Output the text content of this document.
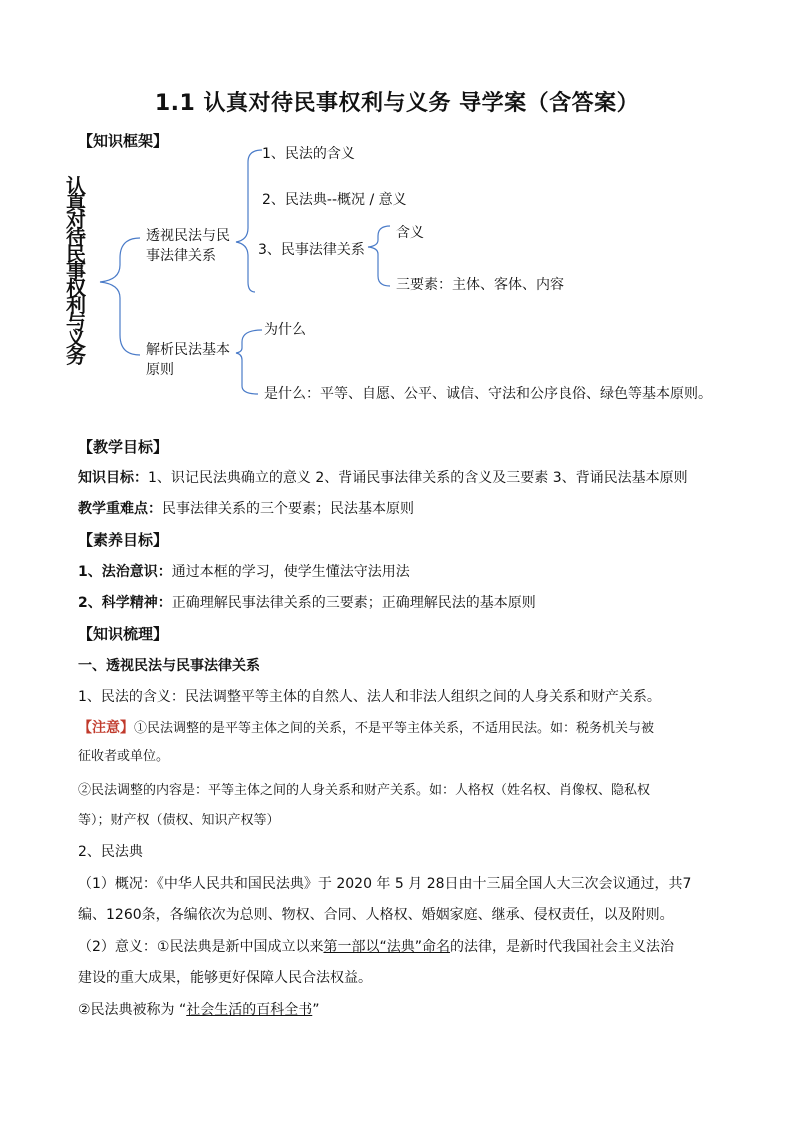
1.1 认真对待民事权利与义务 导学案（含答案）
【知识框架】
认
真
对
待
民
事
权
利
与
义
务
透视民法与民
事法律关系
1、民法的含义
2、民法典--概况 / 意义
3、民事法律关系
含义
三要素：主体、客体、内容
解析民法基本
原则
为什么
是什么：平等、自愿、公平、诚信、守法和公序良俗、绿色等基本原则。
【教学目标】
知识目标：1、识记民法典确立的意义 2、背诵民事法律关系的含义及三要素 3、背诵民法基本原则
教学重难点：民事法律关系的三个要素；民法基本原则
【素养目标】
1、法治意识：通过本框的学习，使学生懂法守法用法
2、科学精神：正确理解民事法律关系的三要素；正确理解民法的基本原则
【知识梳理】
一、透视民法与民事法律关系
1、民法的含义：民法调整平等主体的自然人、法人和非法人组织之间的人身关系和财产关系。
【注意】①民法调整的是平等主体之间的关系，不是平等主体关系，不适用民法。如：税务机关与被
征收者或单位。
②民法调整的内容是：平等主体之间的人身关系和财产关系。如：人格权（姓名权、肖像权、隐私权
等）；财产权（债权、知识产权等）
2、民法典
（1）概况：《中华人民共和国民法典》于 2020 年 5 月 28日由十三届全国人大三次会议通过，共7
编、1260条，各编依次为总则、物权、合同、人格权、婚姻家庭、继承、侵权责任，以及附则。
（2）意义：①民法典是新中国成立以来第一部以“法典”命名的法律，是新时代我国社会主义法治
建设的重大成果，能够更好保障人民合法权益。
②民法典被称为 “社会生活的百科全书”
